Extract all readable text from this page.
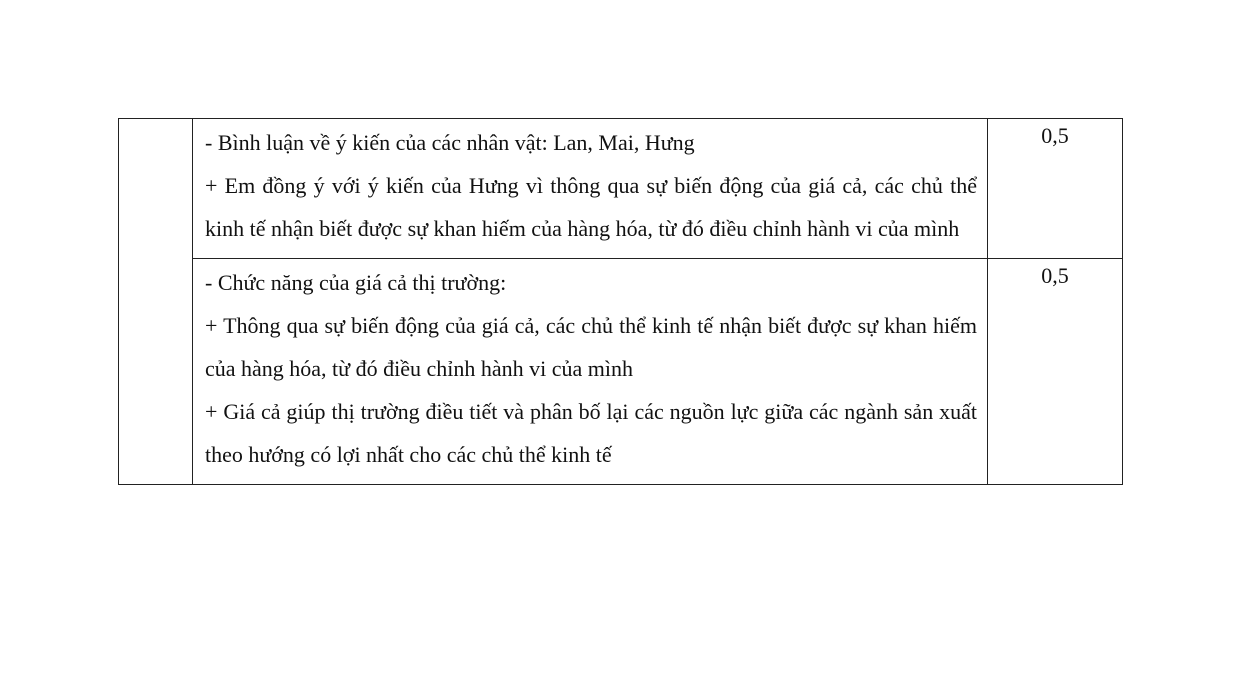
	- Bình luận về ý kiến của các nhân vật: Lan, Mai, Hưng

+ Em đồng ý với ý kiến của Hưng vì thông qua sự biến động của giá cả, các chủ thể kinh tế nhận biết được sự khan hiếm của hàng hóa, từ đó điều chỉnh hành vi của mình	0,5

	- Chức năng của giá cả thị trường:

+ Thông qua sự biến động của giá cả, các chủ thể kinh tế nhận biết được sự khan hiếm của hàng hóa, từ đó điều chỉnh hành vi của mình

+ Giá cả giúp thị trường điều tiết và phân bố lại các nguồn lực giữa các ngành sản xuất theo hướng có lợi nhất cho các chủ thể kinh tế	0,5
